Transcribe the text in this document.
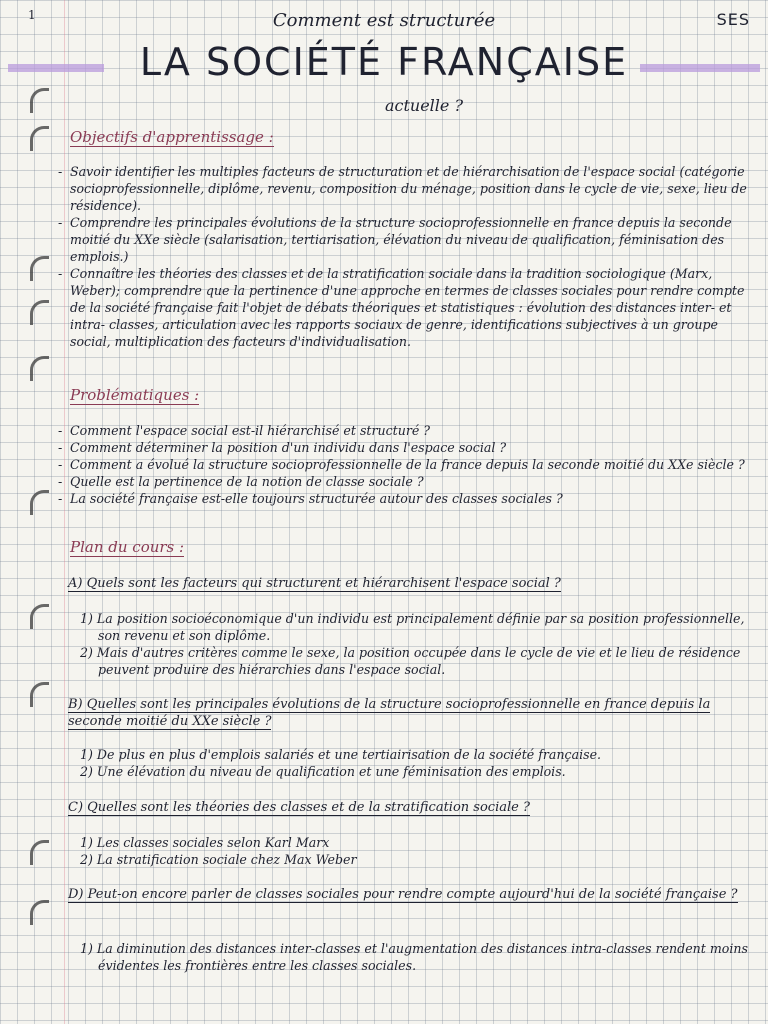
1	SES
Comment est structurée
LA SOCIÉTÉ FRANÇAISE
actuelle ?
Objectifs d'apprentissage :

- Savoir identifier les multiples facteurs de structuration et de hiérarchisation de l'espace social (catégorie socioprofessionnelle, diplôme, revenu, composition du ménage, position dans le cycle de vie, sexe, lieu de résidence).

- Comprendre les principales évolutions de la structure socioprofessionnelle en france depuis la seconde moitié du XXe siècle (salarisation, tertiarisation, élévation du niveau de qualification, féminisation des emplois.)

- Connaître les théories des classes et de la stratification sociale dans la tradition sociologique (Marx, Weber); comprendre que la pertinence d'une approche en termes de classes sociales pour rendre compte de la société française fait l'objet de débats théoriques et statistiques : évolution des distances inter- et intra- classes, articulation avec les rapports sociaux de genre, identifications subjectives à un groupe social, multiplication des facteurs d'individualisation.

Problématiques :

- Comment l'espace social est-il hiérarchisé et structuré ?

- Comment déterminer la position d'un individu dans l'espace social ?

- Comment a évolué la structure socioprofessionnelle de la france depuis la seconde moitié du XXe siècle ?

- Quelle est la pertinence de la notion de classe sociale ?

- La société française est-elle toujours structurée autour des classes sociales ?

Plan du cours :
A) Quels sont les facteurs qui structurent et hiérarchisent l'espace social ?

1) La position socioéconomique d'un individu est principalement définie par sa position professionnelle, son revenu et son diplôme.

2) Mais d'autres critères comme le sexe, la position occupée dans le cycle de vie et le lieu de résidence peuvent produire des hiérarchies dans l'espace social.

B) Quelles sont les principales évolutions de la structure socioprofessionnelle en france depuis la seconde moitié du XXe siècle ?

1) De plus en plus d'emplois salariés et une tertiairisation de la société française.

2) Une élévation du niveau de qualification et une féminisation des emplois.

C) Quelles sont les théories des classes et de la stratification sociale ?

1) Les classes sociales selon Karl Marx

2) La stratification sociale chez Max Weber

D) Peut-on encore parler de classes sociales pour rendre compte aujourd'hui de la société française ?

1) La diminution des distances inter-classes et l'augmentation des distances intra-classes rendent moins évidentes les frontières entre les classes sociales.
